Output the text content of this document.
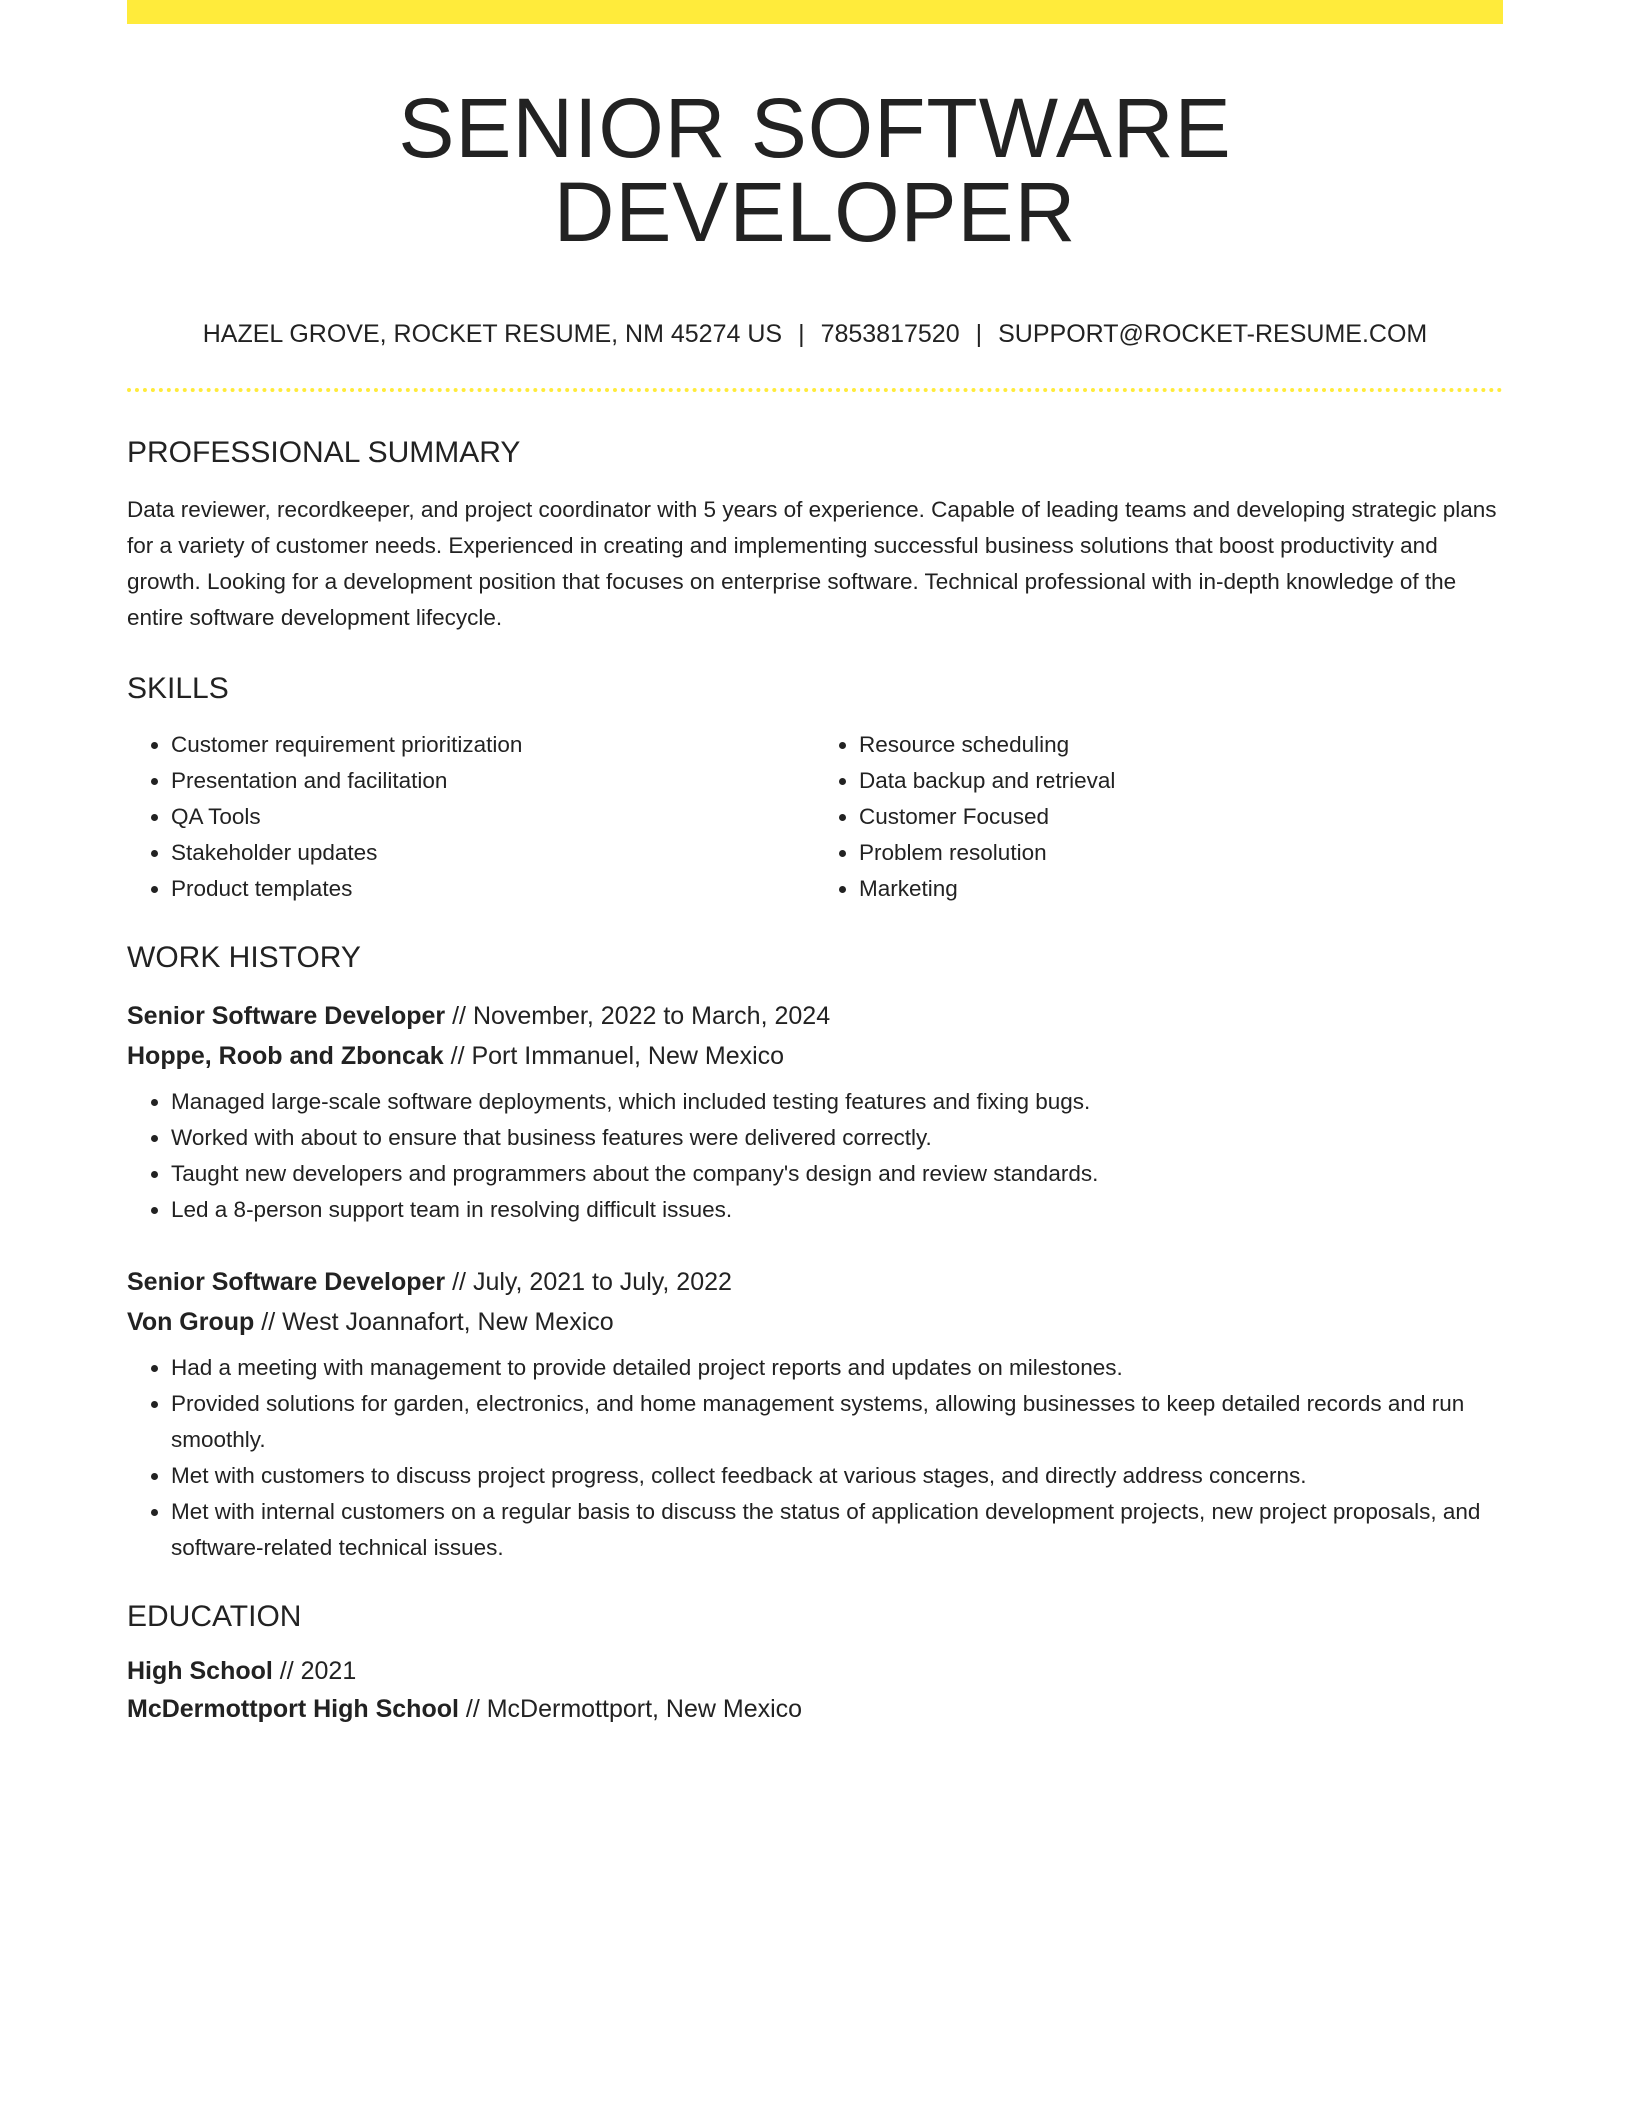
SENIOR SOFTWARE DEVELOPER
HAZEL GROVE, ROCKET RESUME, NM 45274 US | 7853817520 | SUPPORT@ROCKET-RESUME.COM
PROFESSIONAL SUMMARY

Data reviewer, recordkeeper, and project coordinator with 5 years of experience. Capable of leading teams and developing strategic plans for a variety of customer needs. Experienced in creating and implementing successful business solutions that boost productivity and growth. Looking for a development position that focuses on enterprise software. Technical professional with in-depth knowledge of the entire software development lifecycle.

SKILLS
• Customer requirement prioritization
• Presentation and facilitation
• QA Tools
• Stakeholder updates
• Product templates
• Resource scheduling
• Data backup and retrieval
• Customer Focused
• Problem resolution
• Marketing
WORK HISTORY
Senior Software Developer // November, 2022 to March, 2024
Hoppe, Roob and Zboncak // Port Immanuel, New Mexico
• Managed large-scale software deployments, which included testing features and fixing bugs.
• Worked with about to ensure that business features were delivered correctly.
• Taught new developers and programmers about the company's design and review standards.
• Led a 8-person support team in resolving difficult issues.
Senior Software Developer // July, 2021 to July, 2022
Von Group // West Joannafort, New Mexico
• Had a meeting with management to provide detailed project reports and updates on milestones.
• Provided solutions for garden, electronics, and home management systems, allowing businesses to keep detailed records and run smoothly.
• Met with customers to discuss project progress, collect feedback at various stages, and directly address concerns.
• Met with internal customers on a regular basis to discuss the status of application development projects, new project proposals, and software-related technical issues.
EDUCATION
High School // 2021
McDermottport High School // McDermottport, New Mexico
